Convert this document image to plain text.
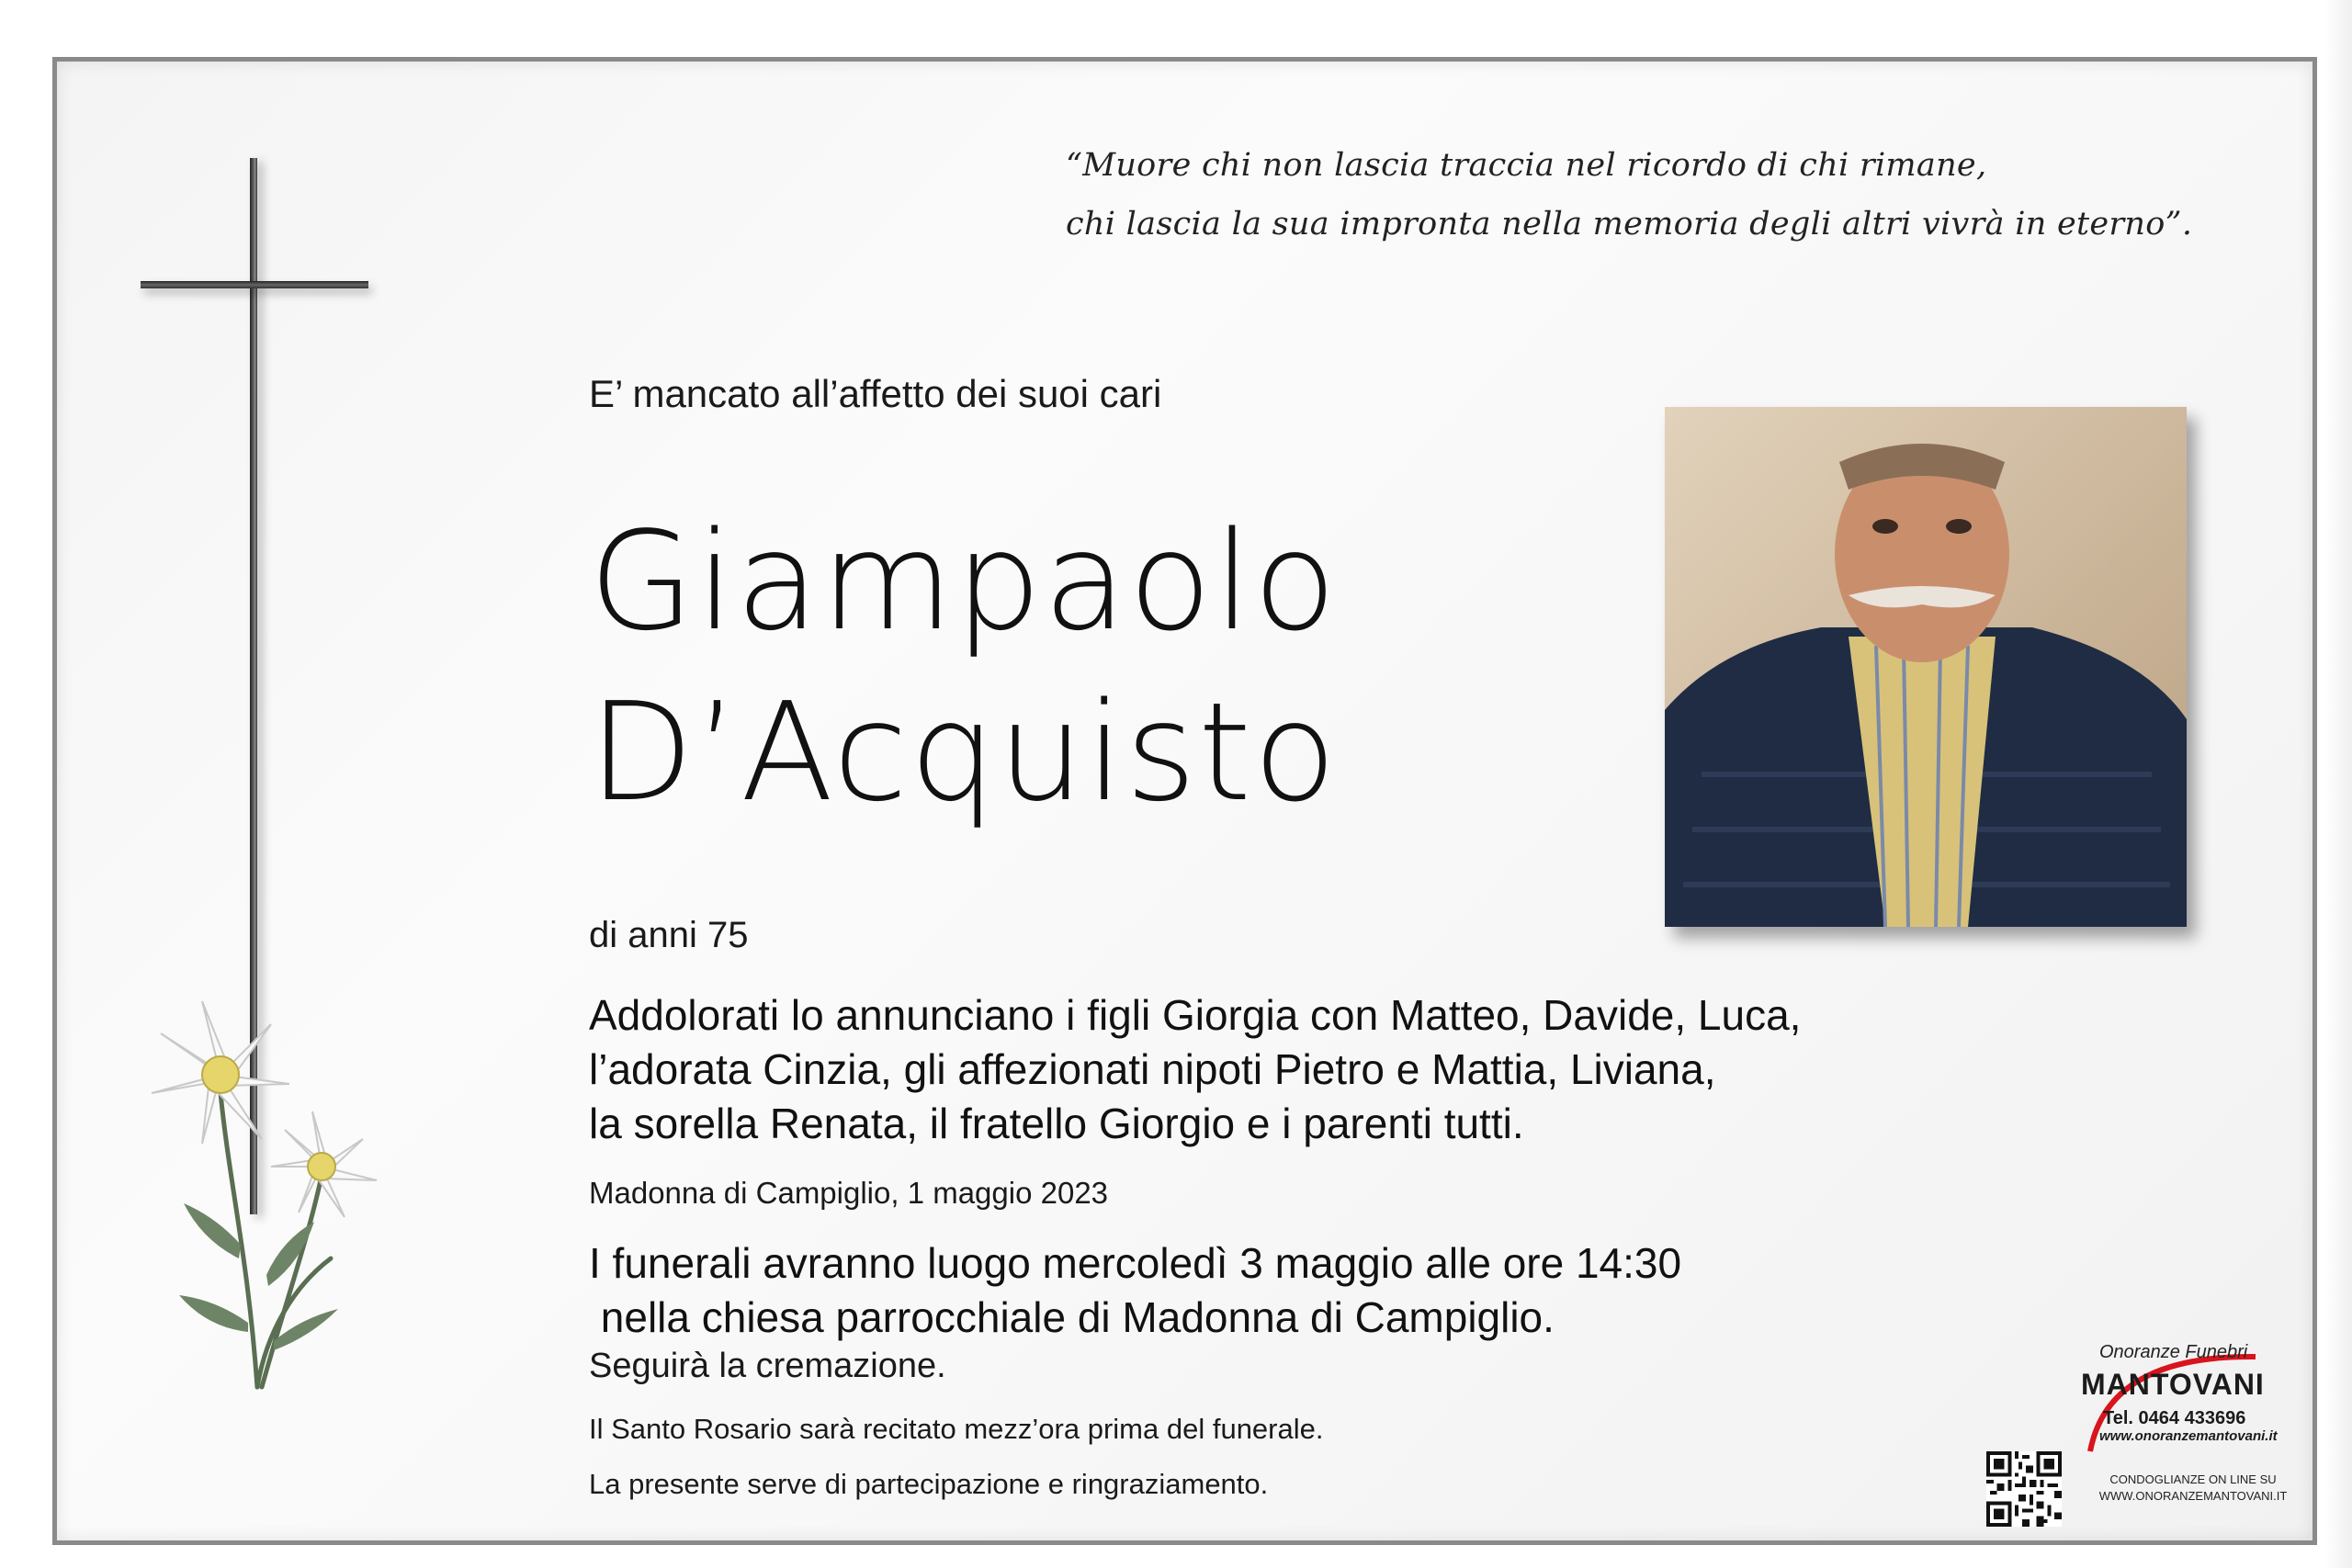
“Muore chi non lascia traccia nel ricordo di chi rimane,
chi lascia la sua impronta nella memoria degli altri vivrà in eterno”.
E’ mancato all’affetto dei suoi cari
Giampaolo
D’Acquisto
di anni 75
Addolorati lo annunciano i figli Giorgia con Matteo, Davide, Luca,
l’adorata Cinzia, gli affezionati nipoti Pietro e Mattia, Liviana,
la sorella Renata, il fratello Giorgio e i parenti tutti.
Madonna di Campiglio, 1 maggio 2023
I funerali avranno luogo mercoledì 3 maggio alle ore 14:30
nella chiesa parrocchiale di Madonna di Campiglio.
Seguirà la cremazione.
Il Santo Rosario sarà recitato mezz’ora prima del funerale.
La presente serve di partecipazione e ringraziamento.
Onoranze Funebri
MANTOVANI
Tel. 0464 433696
www.onoranzemantovani.it
CONDOGLIANZE ON LINE SU
WWW.ONORANZEMANTOVANI.IT
